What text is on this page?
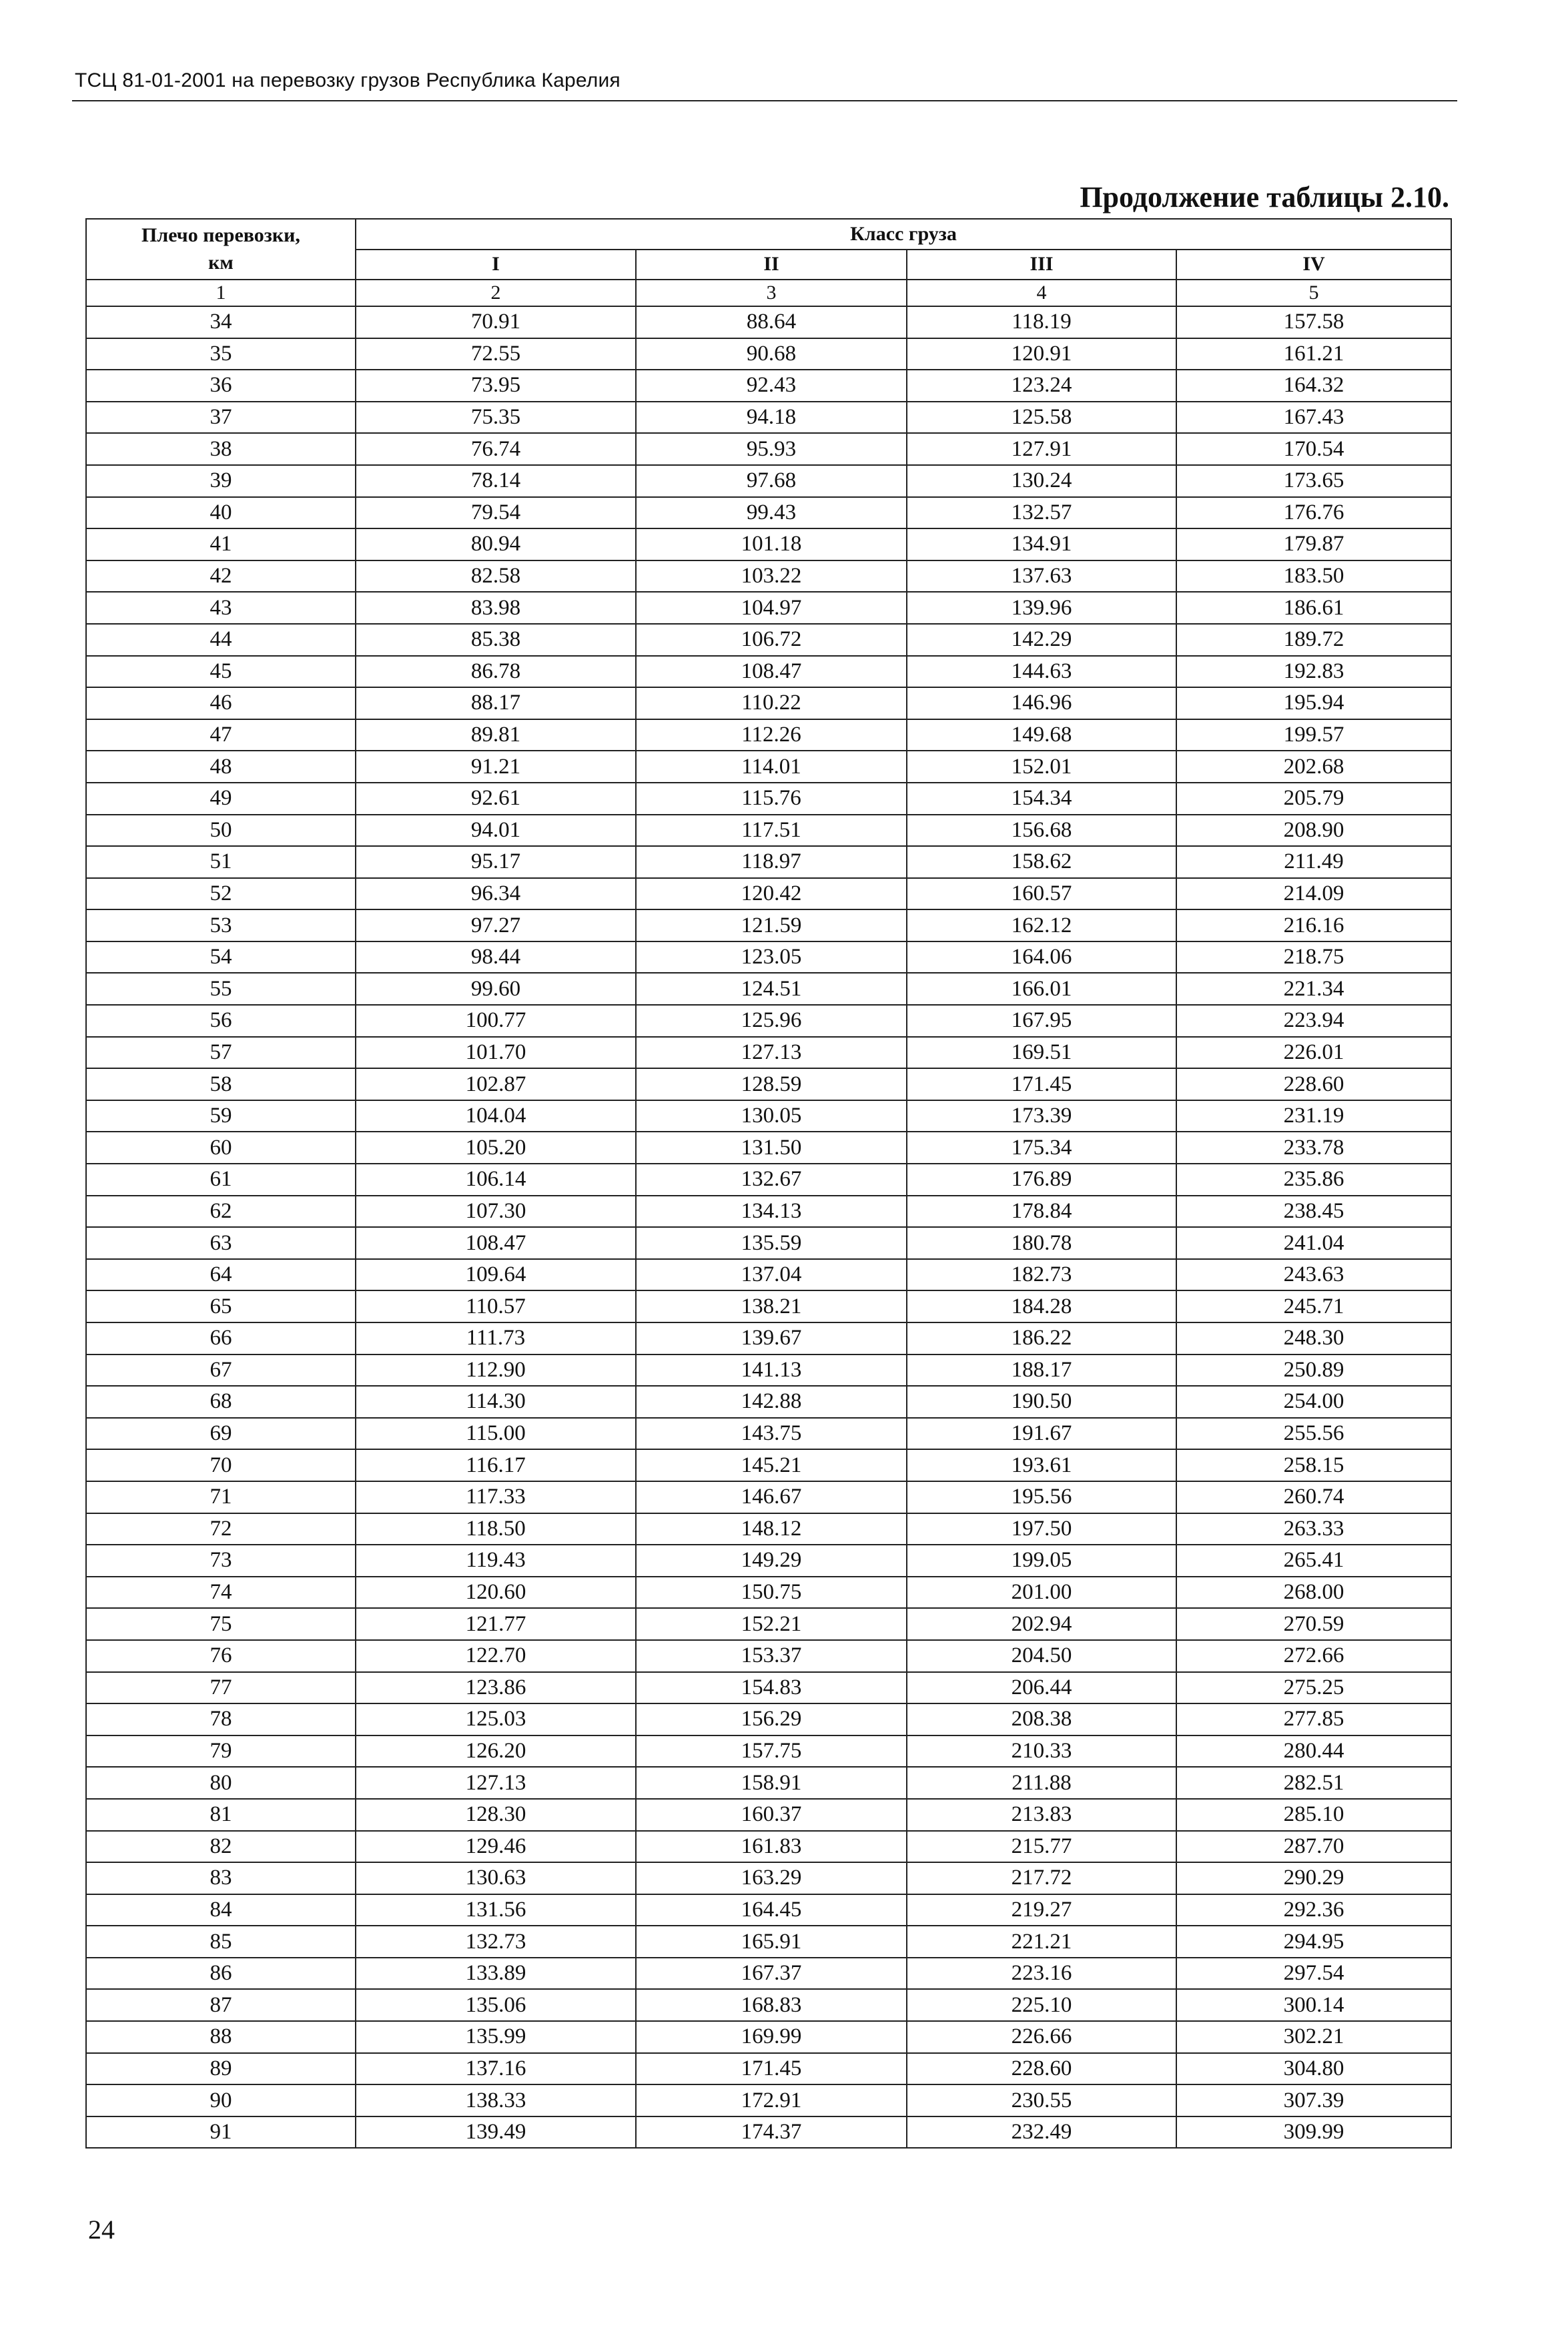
ТСЦ 81-01-2001 на перевозку грузов Республика Карелия
Продолжение таблицы 2.10.
Плечо перевозки, км	Класс груза			
	I	II	III	IV
1	2	3	4	5
34	70.91	88.64	118.19	157.58
35	72.55	90.68	120.91	161.21
36	73.95	92.43	123.24	164.32
37	75.35	94.18	125.58	167.43
38	76.74	95.93	127.91	170.54
39	78.14	97.68	130.24	173.65
40	79.54	99.43	132.57	176.76
41	80.94	101.18	134.91	179.87
42	82.58	103.22	137.63	183.50
43	83.98	104.97	139.96	186.61
44	85.38	106.72	142.29	189.72
45	86.78	108.47	144.63	192.83
46	88.17	110.22	146.96	195.94
47	89.81	112.26	149.68	199.57
48	91.21	114.01	152.01	202.68
49	92.61	115.76	154.34	205.79
50	94.01	117.51	156.68	208.90
51	95.17	118.97	158.62	211.49
52	96.34	120.42	160.57	214.09
53	97.27	121.59	162.12	216.16
54	98.44	123.05	164.06	218.75
55	99.60	124.51	166.01	221.34
56	100.77	125.96	167.95	223.94
57	101.70	127.13	169.51	226.01
58	102.87	128.59	171.45	228.60
59	104.04	130.05	173.39	231.19
60	105.20	131.50	175.34	233.78
61	106.14	132.67	176.89	235.86
62	107.30	134.13	178.84	238.45
63	108.47	135.59	180.78	241.04
64	109.64	137.04	182.73	243.63
65	110.57	138.21	184.28	245.71
66	111.73	139.67	186.22	248.30
67	112.90	141.13	188.17	250.89
68	114.30	142.88	190.50	254.00
69	115.00	143.75	191.67	255.56
70	116.17	145.21	193.61	258.15
71	117.33	146.67	195.56	260.74
72	118.50	148.12	197.50	263.33
73	119.43	149.29	199.05	265.41
74	120.60	150.75	201.00	268.00
75	121.77	152.21	202.94	270.59
76	122.70	153.37	204.50	272.66
77	123.86	154.83	206.44	275.25
78	125.03	156.29	208.38	277.85
79	126.20	157.75	210.33	280.44
80	127.13	158.91	211.88	282.51
81	128.30	160.37	213.83	285.10
82	129.46	161.83	215.77	287.70
83	130.63	163.29	217.72	290.29
84	131.56	164.45	219.27	292.36
85	132.73	165.91	221.21	294.95
86	133.89	167.37	223.16	297.54
87	135.06	168.83	225.10	300.14
88	135.99	169.99	226.66	302.21
89	137.16	171.45	228.60	304.80
90	138.33	172.91	230.55	307.39
91	139.49	174.37	232.49	309.99
24
